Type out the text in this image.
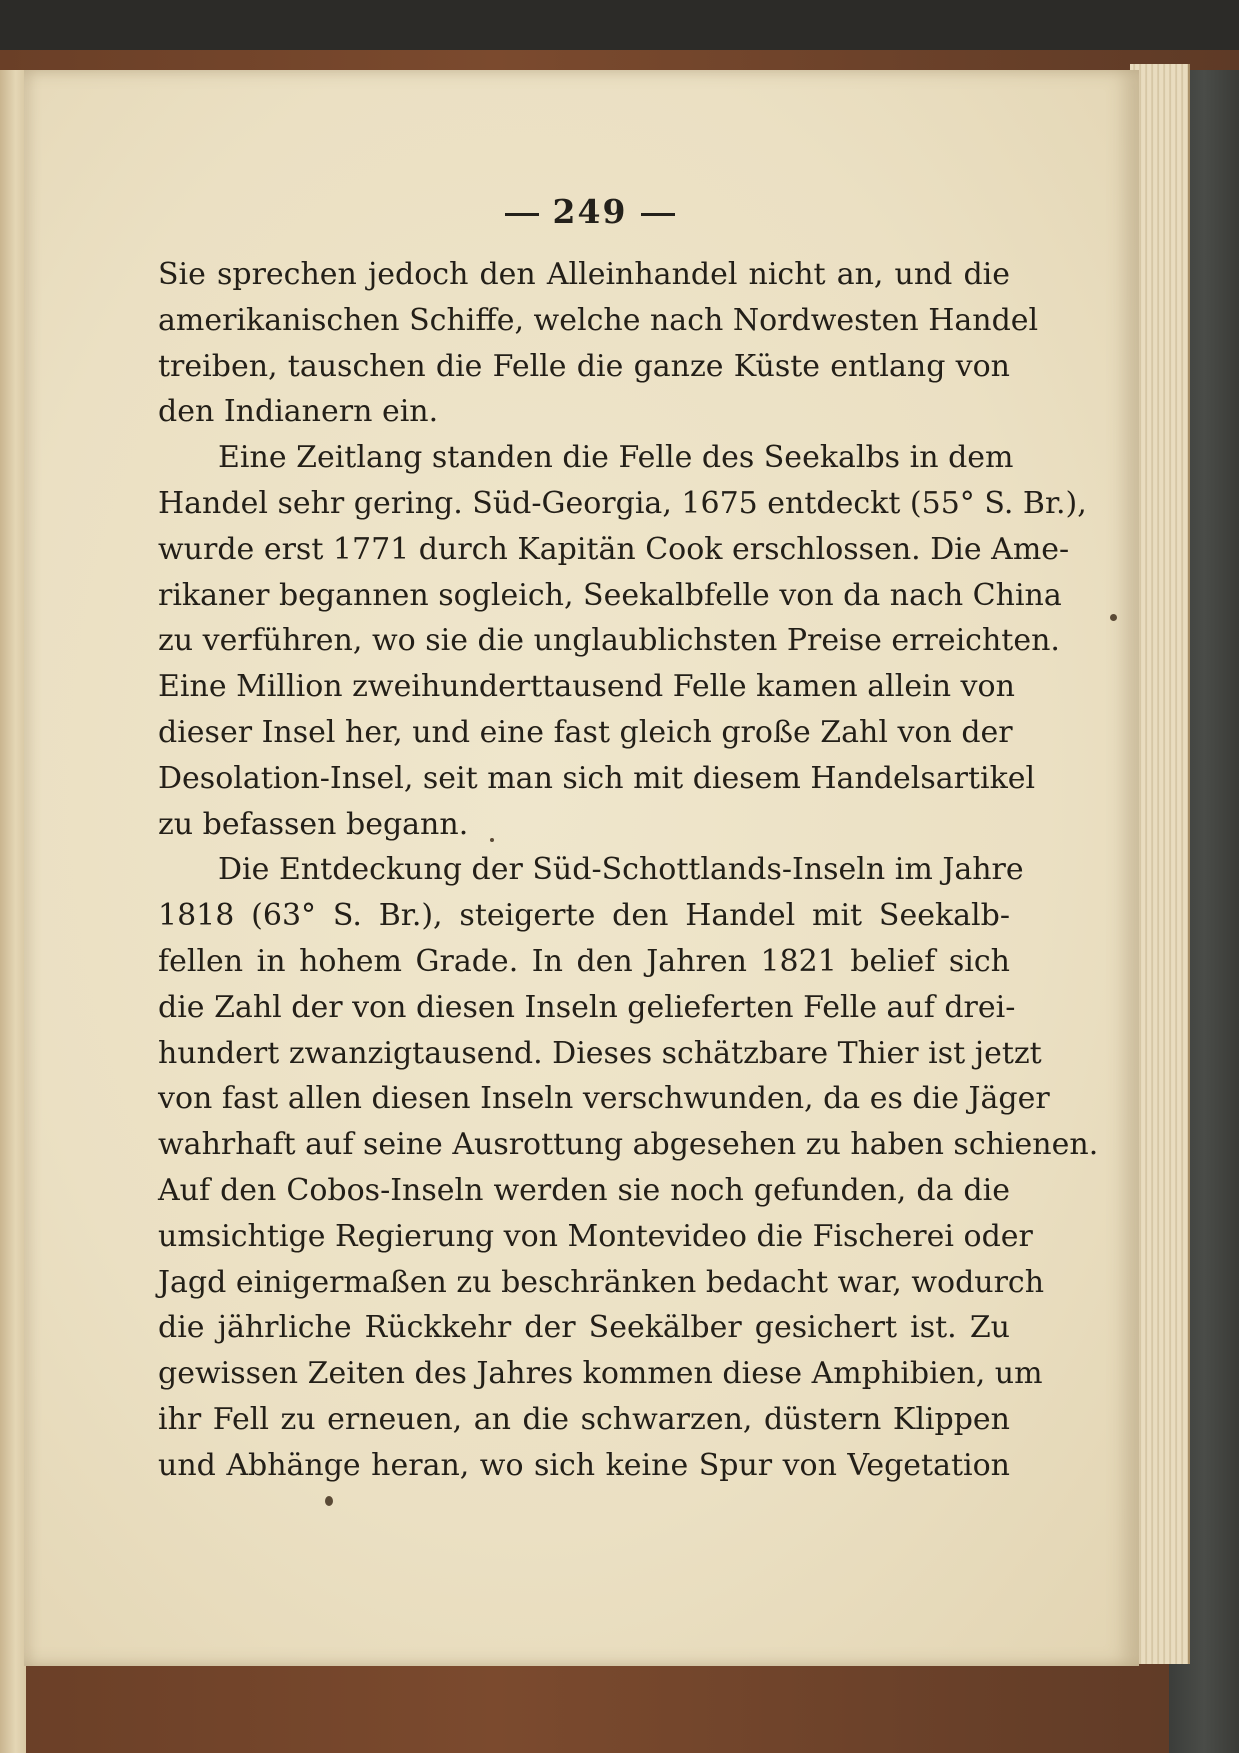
249
Sie sprechen jedoch den Alleinhandel nicht an, und die
amerikanischen Schiffe, welche nach Nordwesten Handel
treiben, tauschen die Felle die ganze Küste entlang von
den Indianern ein.
Eine Zeitlang standen die Felle des Seekalbs in dem
Handel sehr gering. Süd-Georgia, 1675 entdeckt (55° S. Br.),
wurde erst 1771 durch Kapitän Cook erschlossen. Die Ame-
rikaner begannen sogleich, Seekalbfelle von da nach China
zu verführen, wo sie die unglaublichsten Preise erreichten.
Eine Million zweihunderttausend Felle kamen allein von
dieser Insel her, und eine fast gleich große Zahl von der
Desolation-Insel, seit man sich mit diesem Handelsartikel
zu befassen begann.
Die Entdeckung der Süd-Schottlands-Inseln im Jahre
1818 (63° S. Br.), steigerte den Handel mit Seekalb-
fellen in hohem Grade. In den Jahren 1821 belief sich
die Zahl der von diesen Inseln gelieferten Felle auf drei-
hundert zwanzigtausend. Dieses schätzbare Thier ist jetzt
von fast allen diesen Inseln verschwunden, da es die Jäger
wahrhaft auf seine Ausrottung abgesehen zu haben schienen.
Auf den Cobos-Inseln werden sie noch gefunden, da die
umsichtige Regierung von Montevideo die Fischerei oder
Jagd einigermaßen zu beschränken bedacht war, wodurch
die jährliche Rückkehr der Seekälber gesichert ist. Zu
gewissen Zeiten des Jahres kommen diese Amphibien, um
ihr Fell zu erneuen, an die schwarzen, düstern Klippen
und Abhänge heran, wo sich keine Spur von Vegetation
